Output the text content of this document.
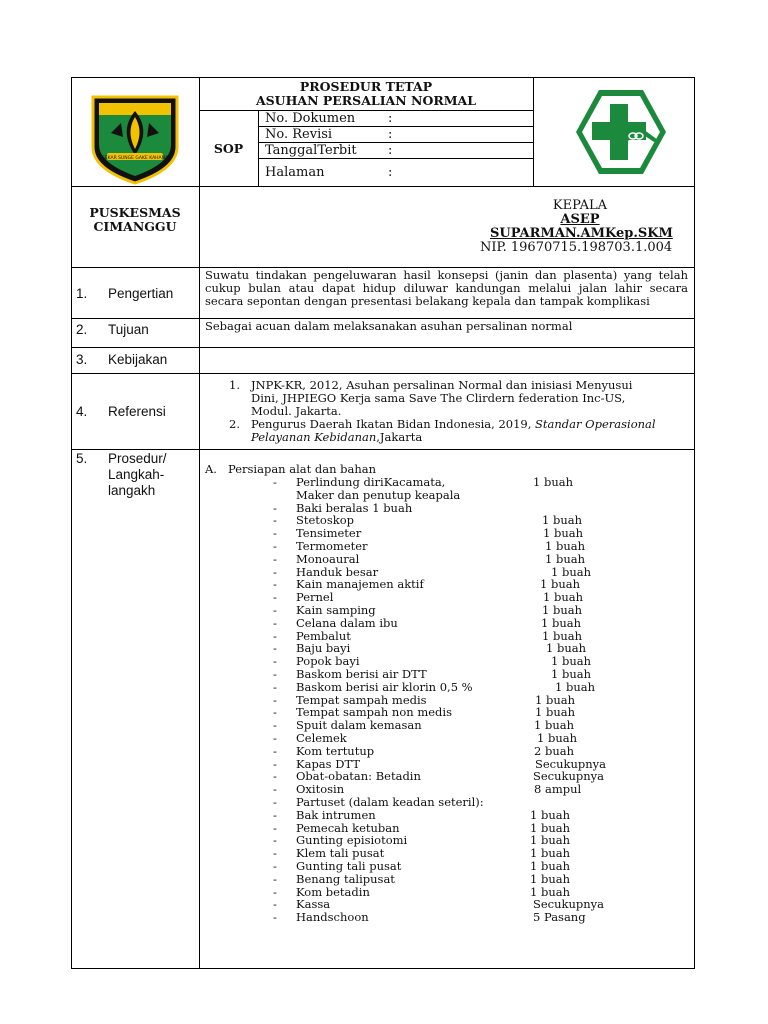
SEKAR SUNGE GAKE KAHANA
PROSEDUR TETAP
ASUHAN PERSALIAN NORMAL
SOP
No. Dokumen	:
No. Revisi	:
TanggalTerbit :
Halaman	:
PUSKESMAS
CIMANGGU
KEPALA
ASEP
SUPARMAN.AMKep.SKM
NIP. 19670715.198703.1.004
1. Pengertian
Suwatu tindakan pengeluwaran hasil konsepsi (janin dan plasenta) yang telah cukup bulan atau dapat hidup diluwar kandungan melalui jalan lahir secara secara sepontan dengan presentasi belakang kepala dan tampak komplikasi
2. Tujuan	Sebagai acuan dalam melaksanakan asuhan persalinan normal
3. Kebijakan
4. Referensi
1. JNPK-KR, 2012, Asuhan persalinan Normal dan inisiasi Menyusui
Dini, JHPIEGO Kerja sama Save The Clirdern federation Inc-US,
Modul. Jakarta.
2. Pengurus Daerah Ikatan Bidan Indonesia, 2019, Standar Operasional
Pelayanan Kebidanan,Jakarta
5. Prosedur/
Langkah-
langakh
A. Persiapan alat dan bahan
- Perlindung diriKacamata,	1 buah
Maker dan penutup keapala
- Baki beralas 1 buah
- Stetoskop	1 buah
- Tensimeter	1 buah
- Termometer	1 buah
- Monoaural	1 buah
- Handuk besar	1 buah
- Kain manajemen aktif	1 buah
- Pernel	1 buah
- Kain samping	1 buah
- Celana dalam ibu	1 buah
- Pembalut	1 buah
- Baju bayi	1 buah
- Popok bayi	1 buah
- Baskom berisi air DTT	1 buah
- Baskom berisi air klorin 0,5 %	1 buah
- Tempat sampah medis	1 buah
- Tempat sampah non medis	1 buah
- Spuit dalam kemasan	1 buah
- Celemek	1 buah
- Kom tertutup	2 buah
- Kapas DTT	Secukupnya
- Obat-obatan: Betadin	Secukupnya
- Oxitosin	8 ampul
- Partuset (dalam keadan seteril):
- Bak intrumen	1 buah
- Pemecah ketuban	1 buah
- Gunting episiotomi	1 buah
- Klem tali pusat	1 buah
- Gunting tali pusat	1 buah
- Benang talipusat	1 buah
- Kom betadin	1 buah
- Kassa	Secukupnya
- Handschoon	5 Pasang
